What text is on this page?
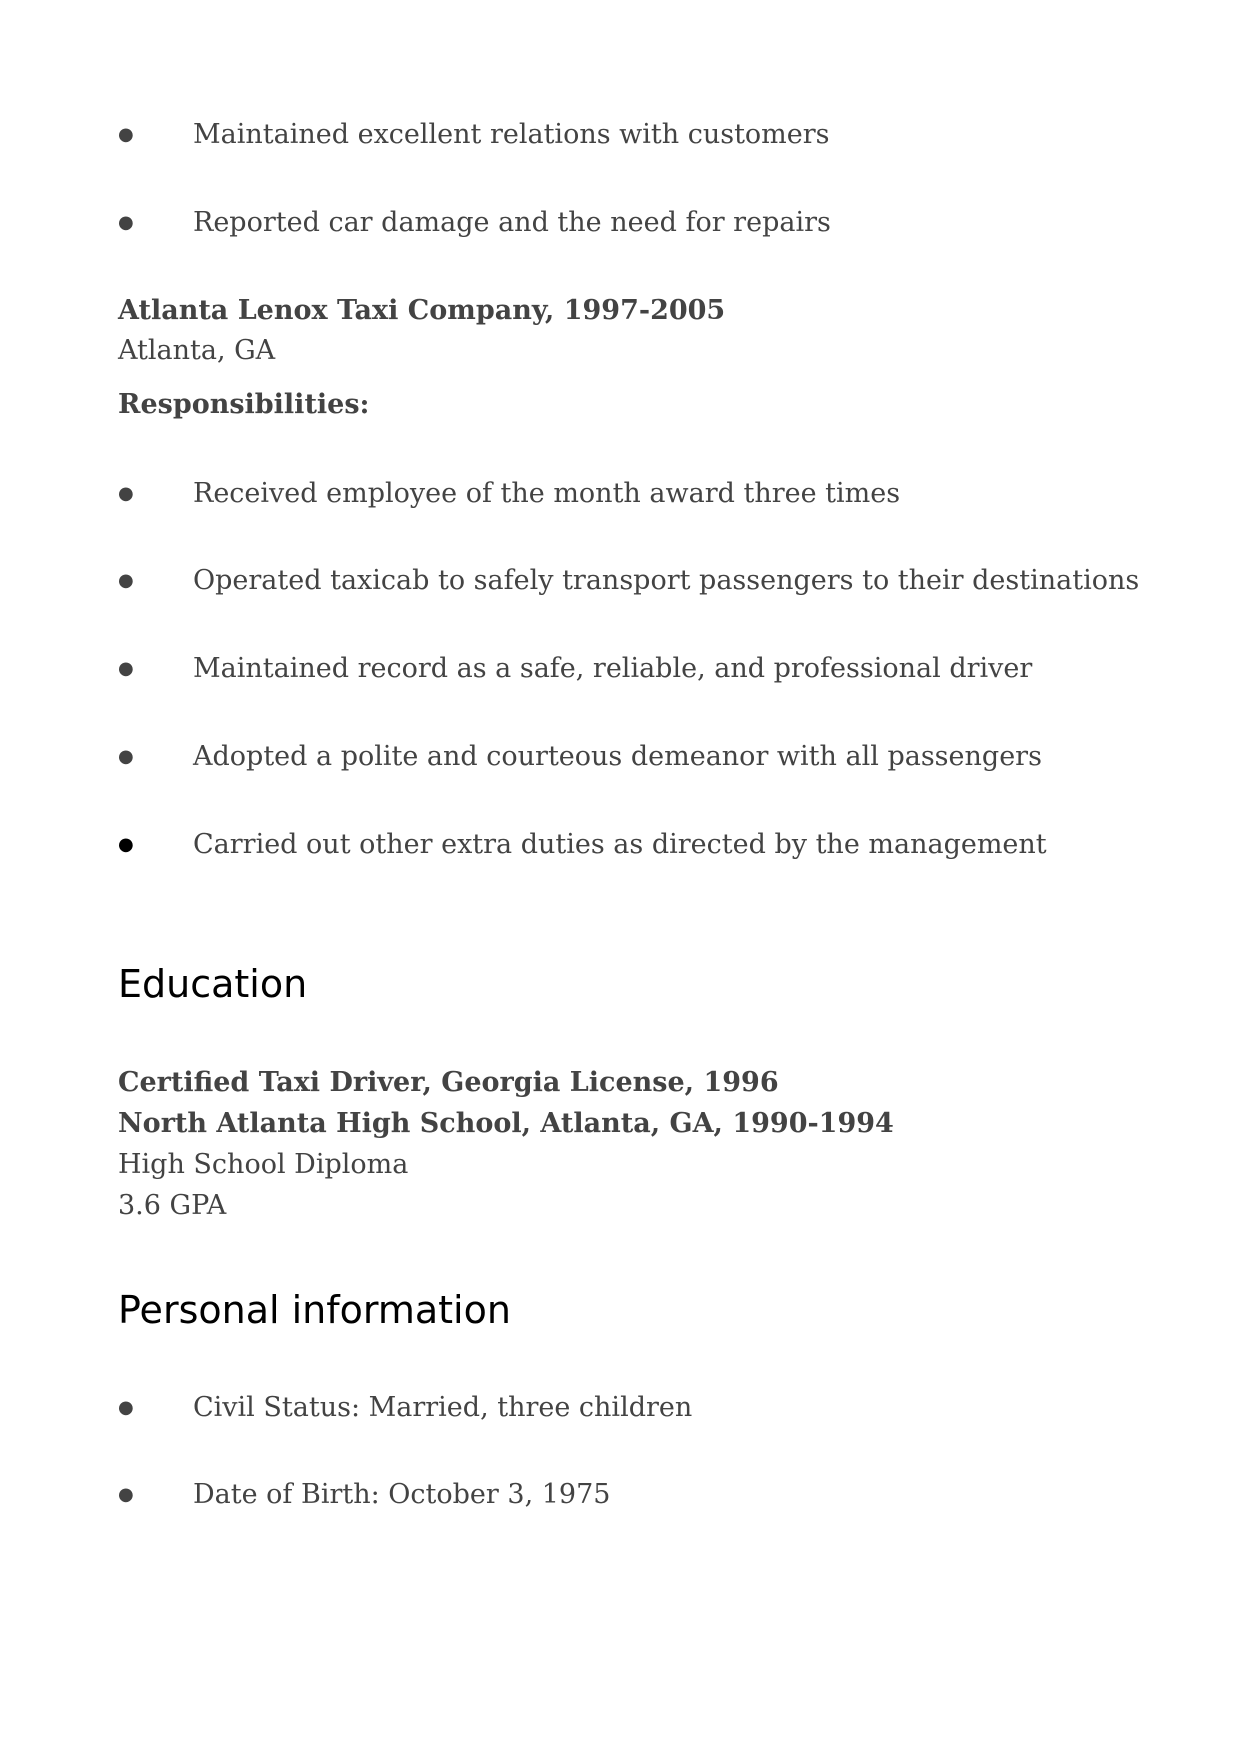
● Maintained excellent relations with customers
● Reported car damage and the need for repairs
Atlanta Lenox Taxi Company, 1997-2005
Atlanta, GA
Responsibilities:
● Received employee of the month award three times
● Operated taxicab to safely transport passengers to their destinations
● Maintained record as a safe, reliable, and professional driver
● Adopted a polite and courteous demeanor with all passengers
● Carried out other extra duties as directed by the management
Education
Certified Taxi Driver, Georgia License, 1996
North Atlanta High School, Atlanta, GA, 1990-1994
High School Diploma
3.6 GPA
Personal information
● Civil Status: Married, three children
● Date of Birth: October 3, 1975
